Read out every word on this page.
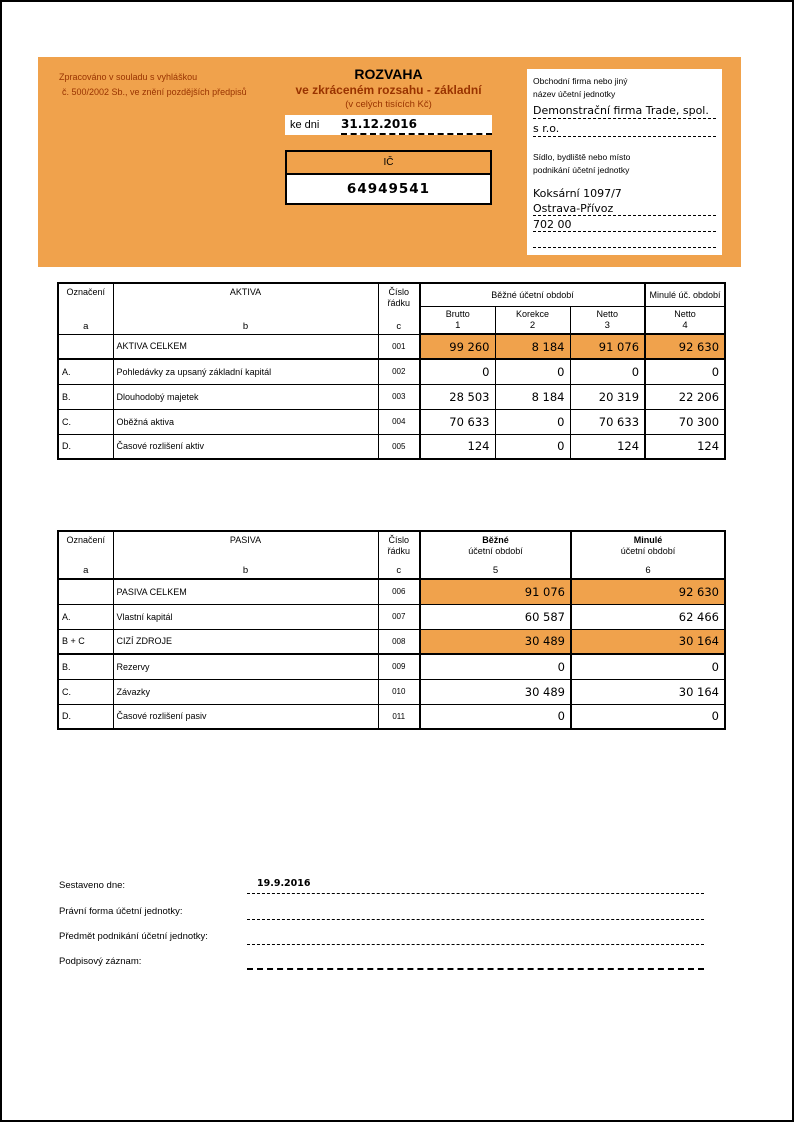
Zpracováno v souladu s vyhláškou
č. 500/2002 Sb., ve znění pozdějších předpisů
ROZVAHA
ve zkráceném rozsahu - základní
(v celých tisících Kč)
ke dni	31.12.2016
IČ
64949541
Obchodní firma nebo jiný
název účetní jednotky
Demonstrační firma Trade, spol.
s r.o.
Sídlo, bydliště nebo místo
podnikání účetní jednotky
Koksární 1097/7
Ostrava-Přívoz
702 00
Označení
a

AKTIVA
b

Číslo
řádku
c
	Běžné účetní období	Minulé úč. období

Brutto
1

Korekce
2

Netto
3

Netto
4

	AKTIVA CELKEM	001	99 260	8 184	91 076	92 630
A.	Pohledávky za upsaný základní kapitál	002	0	0	0	0
B.	Dlouhodobý majetek	003	28 503	8 184	20 319	22 206
C.	Oběžná aktiva	004	70 633	0	70 633	70 300
D.	Časové rozlišení aktiv	005	124	0	124	124
Označení
a

PASIVA
b

Číslo
řádku
c

Běžné
účetní období
5

Minulé
účetní období
6

	PASIVA CELKEM	006	91 076	92 630
A.	Vlastní kapitál	007	60 587	62 466
B + C	CIZÍ ZDROJE	008	30 489	30 164
B.	Rezervy	009	0	0
C.	Závazky	010	30 489	30 164
D.	Časové rozlišení pasiv	011	0	0
Sestaveno dne:	19.9.2016
Právní forma účetní jednotky:
Předmět podnikání účetní jednotky:
Podpisový záznam:
